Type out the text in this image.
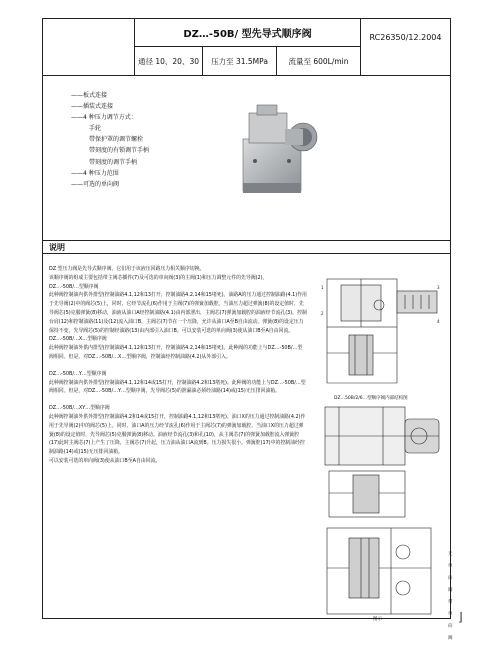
DZ…-50B/ 型先导式顺序阀	RC26350/12.2004
通径 10、20、30	压力至 31.5MPa	流量至 600L/min
——板式连接
——插装式连接
——4 种压力调节方式：
手轮
带保护罩的调节螺栓
带刻度的有锁调节手柄
带刻度的调节手柄
——4 种压力范围
——可选的单向阀
说明

DZ 型压力阀是先导式顺序阀，它们用于该液压回路压力相关顺序切换。

该顺序阀的组成主要包括带主阀芯插件(7)及可选的单向阀(3)的主阀(1)和压力调整元件的先导阀(2)。

DZ…-50B/…型顺序阀

此种阀控制油内供外排型(控制油路4.1,12和13打开，控制油路4.2,14和15堵死)。油路A的压力通过控制油路(4.1)作用于先导阀(2)中的阀芯(5)上，同时，它经节流孔(6)作用于主阀(7)的弹簧加载腔。当油压力超过弹簧(8)的设定值时，先导阀芯(5)克服弹簧(8)移动，油液从油口A经控制油路(4.1)由内部泄出，主阀芯(7)弹簧加载腔的油液经节流孔(3)，控制台肩(12)和控制油路(11)及(12)流入油口B，主阀芯(7)节在一个压降，允许从油口A至B自由流动。弹簧(8)的设定压力保持不变，先导阀芯(5)的控制经油路(13)由内部引入油口B。可以安装可选的单向阀(3)使从油口B至A自由回流。

DZ…-50B/…X…型顺序阀

此种阀控制油外供内排型(控制油路4.1,12和13打开，控制油路4.2,14和15堵死)。此种阀的功能上与DZ…-50B/…型阀相同。但是，对DZ…-50B/…X…型顺序阀，控制油经控制油路(4.2)从外部引入。

DZ…-50B/…Y…型顺序阀

此种阀控制油内供外排型(控制油路4.1,12和14或15打开，控制油路4.2和13堵死)。此种阀的功能上与DZ…-50B/…型阀相同。但是，对DZ…-50B/…Y…型顺序阀，先导阀芯(5)的泄漏油必须经油路(14)或(15)无压排回油箱。

DZ…-50B/…XY…型顺序阀

此种阀控制油外供外排型(控制油路4.2和14或15打开，控制油路4.1,12和13堵死)。油口X的压力通过控制油路(4.2)作用于先导阀(2)中的阀芯(5)上，同时，油口A的压力经节流孔(6)作用于主阀芯(7)的弹簧加载腔。当油口X的压力超过弹簧(8)的设定值时，先导阀芯(5)克服弹簧(8)移动。油液经节流孔(3)和孔(10)，从主阀芯(7)的弹簧加载腔流入弹簧腔(17)此时主阀芯(7)上产生了压降，主阀芯(7)升起，压力油从油口A流到B。压力损失很小。弹簧腔(17)中的控制油经控制油路(14)或(15)无压排回油箱。

可以安装可选的单向阀(3)使从油口B至A自由回流。

1
2
3
4
DZ…50B/2/6…型顺序阀内部结构图
无单向阀
带单向阀
图示	⌋
